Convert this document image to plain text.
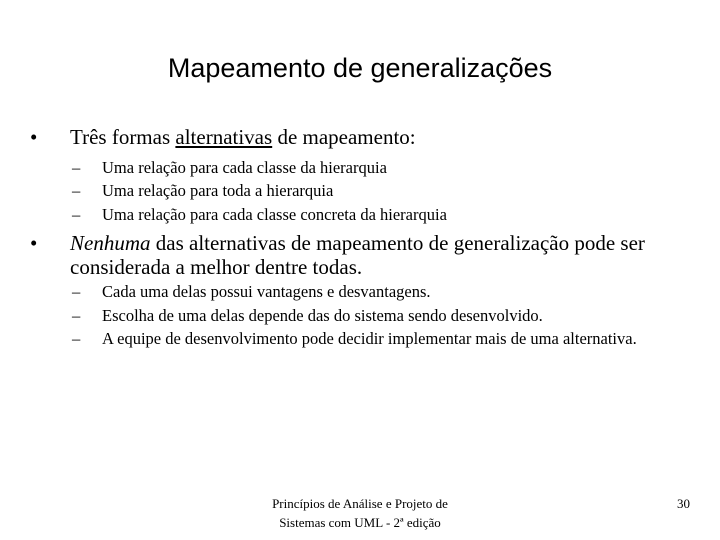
Mapeamento de generalizações
•	Três formas alternativas de mapeamento:
–	Uma relação para cada classe da hierarquia
–	Uma relação para toda a hierarquia
–	Uma relação para cada classe concreta da hierarquia
•	Nenhuma das alternativas de mapeamento de generalização pode ser considerada a melhor dentre todas.
–	Cada uma delas possui vantagens e desvantagens.
–	Escolha de uma delas depende das do sistema sendo desenvolvido.
–	A equipe de desenvolvimento pode decidir implementar mais de uma alternativa.
Princípios de Análise e Projeto de
Sistemas com UML - 2ª edição
30
